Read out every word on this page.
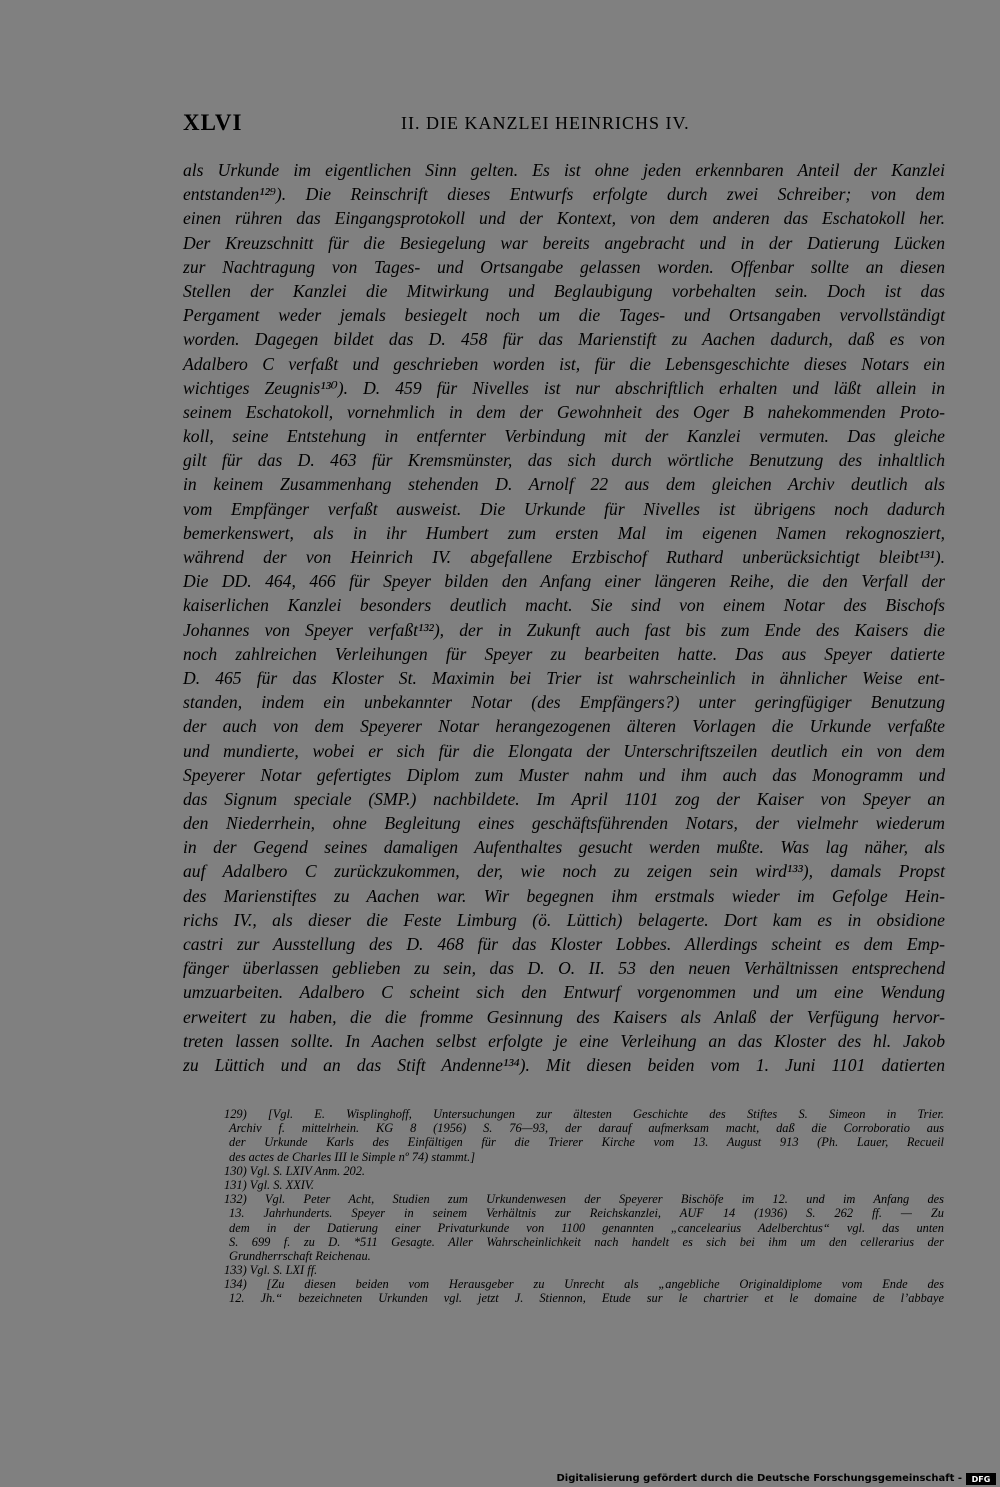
XLVI	II. DIE KANZLEI HEINRICHS IV.
als Urkunde im eigentlichen Sinn gelten. Es ist ohne jeden erkennbaren Anteil der Kanzlei
entstanden¹²⁹). Die Reinschrift dieses Entwurfs erfolgte durch zwei Schreiber; von dem
einen rühren das Eingangsprotokoll und der Kontext, von dem anderen das Eschatokoll her.
Der Kreuzschnitt für die Besiegelung war bereits angebracht und in der Datierung Lücken
zur Nachtragung von Tages- und Ortsangabe gelassen worden. Offenbar sollte an diesen
Stellen der Kanzlei die Mitwirkung und Beglaubigung vorbehalten sein. Doch ist das
Pergament weder jemals besiegelt noch um die Tages- und Ortsangaben vervollständigt
worden. Dagegen bildet das D. 458 für das Marienstift zu Aachen dadurch, daß es von
Adalbero C verfaßt und geschrieben worden ist, für die Lebensgeschichte dieses Notars ein
wichtiges Zeugnis¹³⁰). D. 459 für Nivelles ist nur abschriftlich erhalten und läßt allein in
seinem Eschatokoll, vornehmlich in dem der Gewohnheit des Oger B nahekommenden Proto-
koll, seine Entstehung in entfernter Verbindung mit der Kanzlei vermuten. Das gleiche
gilt für das D. 463 für Kremsmünster, das sich durch wörtliche Benutzung des inhaltlich
in keinem Zusammenhang stehenden D. Arnolf 22 aus dem gleichen Archiv deutlich als
vom Empfänger verfaßt ausweist. Die Urkunde für Nivelles ist übrigens noch dadurch
bemerkenswert, als in ihr Humbert zum ersten Mal im eigenen Namen rekognosziert,
während der von Heinrich IV. abgefallene Erzbischof Ruthard unberücksichtigt bleibt¹³¹).
Die DD. 464, 466 für Speyer bilden den Anfang einer längeren Reihe, die den Verfall der
kaiserlichen Kanzlei besonders deutlich macht. Sie sind von einem Notar des Bischofs
Johannes von Speyer verfaßt¹³²), der in Zukunft auch fast bis zum Ende des Kaisers die
noch zahlreichen Verleihungen für Speyer zu bearbeiten hatte. Das aus Speyer datierte
D. 465 für das Kloster St. Maximin bei Trier ist wahrscheinlich in ähnlicher Weise ent-
standen, indem ein unbekannter Notar (des Empfängers?) unter geringfügiger Benutzung
der auch von dem Speyerer Notar herangezogenen älteren Vorlagen die Urkunde verfaßte
und mundierte, wobei er sich für die Elongata der Unterschriftszeilen deutlich ein von dem
Speyerer Notar gefertigtes Diplom zum Muster nahm und ihm auch das Monogramm und
das Signum speciale (SMP.) nachbildete. Im April 1101 zog der Kaiser von Speyer an
den Niederrhein, ohne Begleitung eines geschäftsführenden Notars, der vielmehr wiederum
in der Gegend seines damaligen Aufenthaltes gesucht werden mußte. Was lag näher, als
auf Adalbero C zurückzukommen, der, wie noch zu zeigen sein wird¹³³), damals Propst
des Marienstiftes zu Aachen war. Wir begegnen ihm erstmals wieder im Gefolge Hein-
richs IV., als dieser die Feste Limburg (ö. Lüttich) belagerte. Dort kam es in obsidione
castri zur Ausstellung des D. 468 für das Kloster Lobbes. Allerdings scheint es dem Emp-
fänger überlassen geblieben zu sein, das D. O. II. 53 den neuen Verhältnissen entsprechend
umzuarbeiten. Adalbero C scheint sich den Entwurf vorgenommen und um eine Wendung
erweitert zu haben, die die fromme Gesinnung des Kaisers als Anlaß der Verfügung hervor-
treten lassen sollte. In Aachen selbst erfolgte je eine Verleihung an das Kloster des hl. Jakob
zu Lüttich und an das Stift Andenne¹³⁴). Mit diesen beiden vom 1. Juni 1101 datierten
129) [Vgl. E. Wisplinghoff, Untersuchungen zur ältesten Geschichte des Stiftes S. Simeon in Trier.
Archiv f. mittelrhein. KG 8 (1956) S. 76—93, der darauf aufmerksam macht, daß die Corroboratio aus
der Urkunde Karls des Einfältigen für die Trierer Kirche vom 13. August 913 (Ph. Lauer, Recueil
des actes de Charles III le Simple nº 74) stammt.]
130) Vgl. S. LXIV Anm. 202.
131) Vgl. S. XXIV.
132) Vgl. Peter Acht, Studien zum Urkundenwesen der Speyerer Bischöfe im 12. und im Anfang des
13. Jahrhunderts. Speyer in seinem Verhältnis zur Reichskanzlei, AUF 14 (1936) S. 262 ff. — Zu
dem in der Datierung einer Privaturkunde von 1100 genannten „cancelearius Adelberchtus“ vgl. das unten
S. 699 f. zu D. *511 Gesagte. Aller Wahrscheinlichkeit nach handelt es sich bei ihm um den cellerarius der
Grundherrschaft Reichenau.
133) Vgl. S. LXI ff.
134) [Zu diesen beiden vom Herausgeber zu Unrecht als „angebliche Originaldiplome vom Ende des
12. Jh.“ bezeichneten Urkunden vgl. jetzt J. Stiennon, Etude sur le chartrier et le domaine de l’abbaye
Digitalisierung gefördert durch die Deutsche Forschungsgemeinschaft -	DFG
